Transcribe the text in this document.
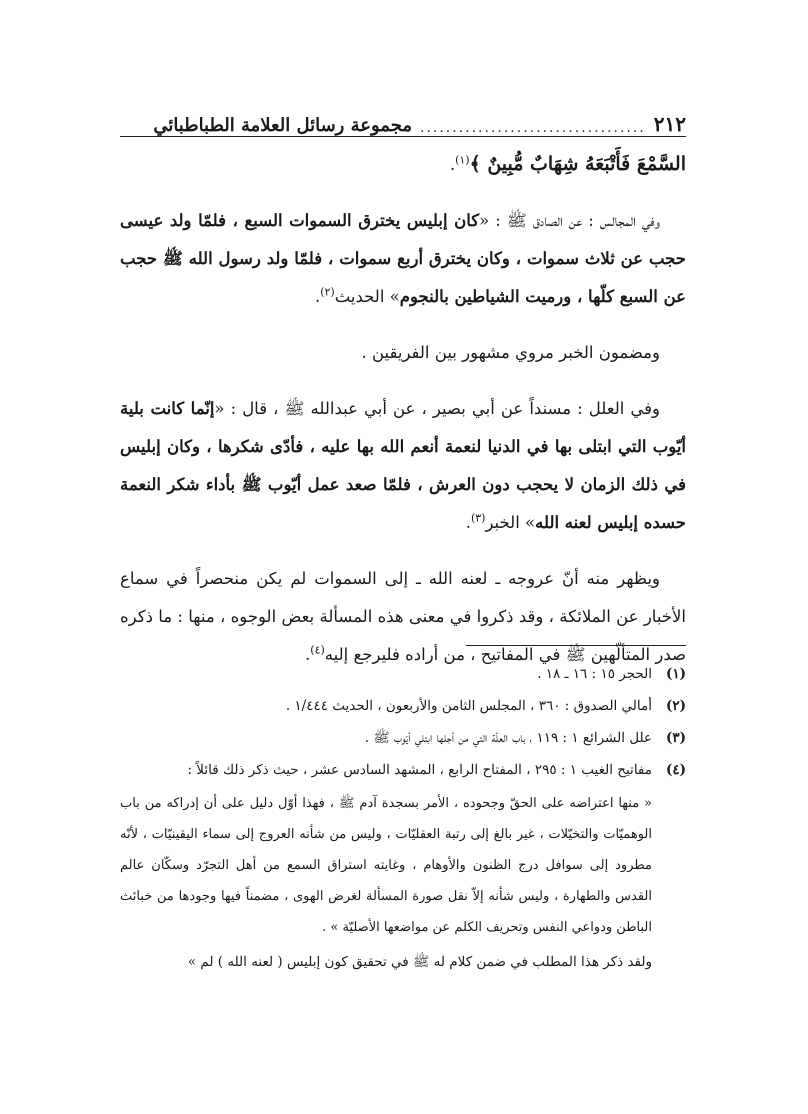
٢١٢
...................................
مجموعة رسائل العلامة الطباطبائي

السَّمْعَ فَأَتْبَعَهُ شِهَابٌ مُّبِينٌ ﴾$^{(١)}$.

وفي المجالس : عن الصادق ﷺ : «كان إبليس يخترق السموات السبع ، فلمّا ولد عيسى حجب عن ثلاث سموات ، وكان يخترق أربع سموات ، فلمّا ولد رسول الله ﷺ حجب عن السبع كلّها ، ورميت الشياطين بالنجوم» الحديث$^{(٢)}$.

ومضمون الخبر مروي مشهور بين الفريقين .

وفي العلل : مسنداً عن أبي بصير ، عن أبي عبدالله ﷺ ، قال : «إنّما كانت بلية أيّوب التي ابتلى بها في الدنيا لنعمة أنعم الله بها عليه ، فأدّى شكرها ، وكان إبليس في ذلك الزمان لا يحجب دون العرش ، فلمّا صعد عمل أيّوب ﷺ بأداء شكر النعمة حسده إبليس لعنه الله» الخبر$^{(٣)}$.

ويظهر منه أنّ عروجه ـ لعنه الله ـ إلى السموات لم يكن منحصراً في سماع الأخبار عن الملائكة ، وقد ذكروا في معنى هذه المسألة بعض الوجوه ، منها : ما ذكره صدر المتألّهين ﷺ في المفاتيح ، من أراده فليرجع إليه$^{(٤)}$.

(١)
الحجر ١٥ : ١٦ ـ ١٨ .
(٢)
أمالي الصدوق : ٣٦٠ ، المجلس الثامن والأربعون ، الحديث ١/٤٤٤ .
(٣)
علل الشرائع ١ : ١١٩ ، باب العلّة التي من أجلها ابتلي أيّوب ﷺ .
(٤)
مفاتيح الغيب ١ : ٢٩٥ ، المفتاح الرابع ، المشهد السادس عشر ، حيث ذكر ذلك قائلاً :

« منها اعتراضه على الحقّ وجحوده ، الأمر بسجدة آدم ﷺ ، فهذا أوّل دليل على أن إدراكه من باب الوهميّات والتخيّلات ، غير بالغ إلى رتبة العقليّات ، وليس من شأنه العروج إلى سماء اليقينيّات ، لأنّه مطرود إلى سوافل درج الظنون والأوهام ، وغايته استراق السمع من أهل التجرّد وسكّان عالم القدس والطهارة ، وليس شأنه إلاّ نقل صورة المسألة لغرض الهوى ، مضمناً فيها وجودها من خبائث الباطن ودواعي النفس وتحريف الكلم عن مواضعها الأصليّة » .

ولقد ذكر هذا المطلب في ضمن كلام له ﷺ في تحقيق كون إبليس ( لعنه الله ) لم »
